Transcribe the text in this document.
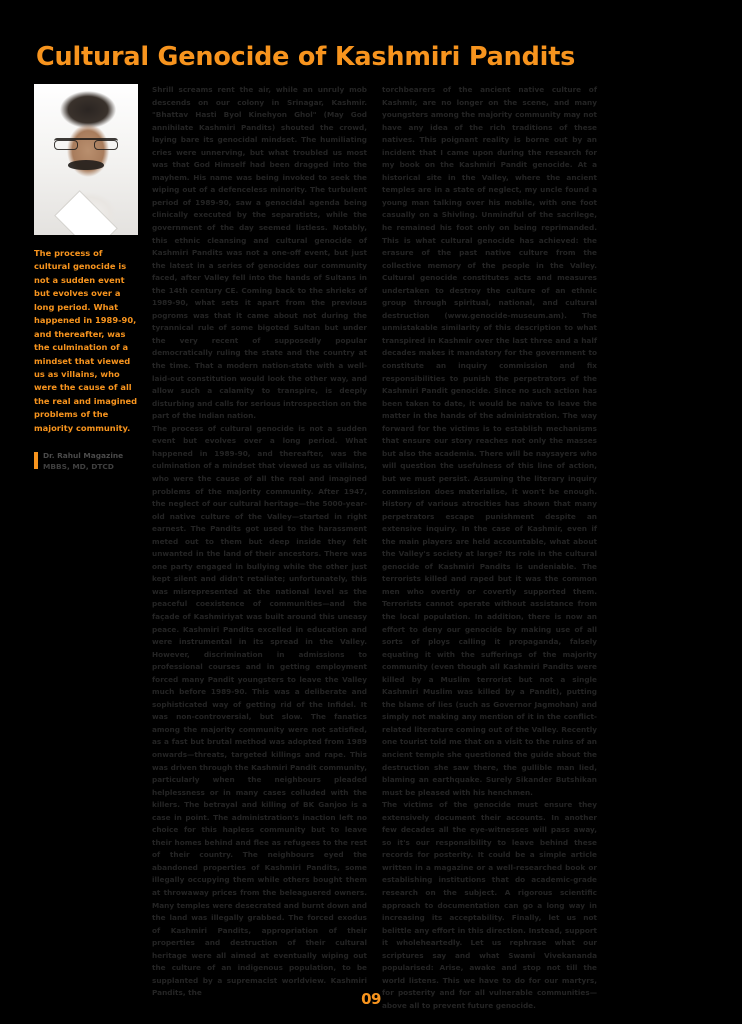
Cultural Genocide of Kashmiri Pandits
The process of cultural genocide is not a sudden event but evolves over a long period. What happened in 1989-90, and thereafter, was the culmination of a mindset that viewed us as villains, who were the cause of all the real and imagined problems of the majority community.
Dr. Rahul Magazine
MBBS, MD, DTCD

Shrill screams rent the air, while an unruly mob descends on our colony in Srinagar, Kashmir. "Bhattav Hasti Byol Kinehyon Ghol" (May God annihilate Kashmiri Pandits) shouted the crowd, laying bare its genocidal mindset. The humiliating cries were unnerving, but what troubled us most was that God Himself had been dragged into the mayhem. His name was being invoked to seek the wiping out of a defenceless minority. The turbulent period of 1989-90, saw a genocidal agenda being clinically executed by the separatists, while the government of the day seemed listless. Notably, this ethnic cleansing and cultural genocide of Kashmiri Pandits was not a one-off event, but just the latest in a series of genocides our community faced, after Valley fell into the hands of Sultans in the 14th century CE. Coming back to the shrieks of 1989-90, what sets it apart from the previous pogroms was that it came about not during the tyrannical rule of some bigoted Sultan but under the very recent of supposedly popular democratically ruling the state and the country at the time. That a modern nation-state with a well-laid-out constitution would look the other way, and allow such a calamity to transpire, is deeply disturbing and calls for serious introspection on the part of the Indian nation.

The process of cultural genocide is not a sudden event but evolves over a long period. What happened in 1989-90, and thereafter, was the culmination of a mindset that viewed us as villains, who were the cause of all the real and imagined problems of the majority community. After 1947, the neglect of our cultural heritage—the 5000-year-old native culture of the Valley—started in right earnest. The Pandits got used to the harassment meted out to them but deep inside they felt unwanted in the land of their ancestors. There was one party engaged in bullying while the other just kept silent and didn't retaliate; unfortunately, this was misrepresented at the national level as the peaceful coexistence of communities—and the façade of Kashmiriyat was built around this uneasy peace. Kashmiri Pandits excelled in education and were instrumental in its spread in the Valley. However, discrimination in admissions to professional courses and in getting employment forced many Pandit youngsters to leave the Valley much before 1989-90. This was a deliberate and sophisticated way of getting rid of the Infidel. It was non-controversial, but slow. The fanatics among the majority community were not satisfied, as a fast but brutal method was adopted from 1989 onwards—threats, targeted killings and rape. This was driven through the Kashmiri Pandit community, particularly when the neighbours pleaded helplessness or in many cases colluded with the killers. The betrayal and killing of BK Ganjoo is a case in point. The administration's inaction left no choice for this hapless community but to leave their homes behind and flee as refugees to the rest of their country. The neighbours eyed the abandoned properties of Kashmiri Pandits, some illegally occupying them while others bought them at throwaway prices from the beleaguered owners. Many temples were desecrated and burnt down and the land was illegally grabbed. The forced exodus of Kashmiri Pandits, appropriation of their properties and destruction of their cultural heritage were all aimed at eventually wiping out the culture of an indigenous population, to be supplanted by a supremacist worldview. Kashmiri Pandits, the

torchbearers of the ancient native culture of Kashmir, are no longer on the scene, and many youngsters among the majority community may not have any idea of the rich traditions of these natives. This poignant reality is borne out by an incident that I came upon during the research for my book on the Kashmiri Pandit genocide. At a historical site in the Valley, where the ancient temples are in a state of neglect, my uncle found a young man talking over his mobile, with one foot casually on a Shivling. Unmindful of the sacrilege, he remained his foot only on being reprimanded. This is what cultural genocide has achieved: the erasure of the past native culture from the collective memory of the people in the Valley. Cultural genocide constitutes acts and measures undertaken to destroy the culture of an ethnic group through spiritual, national, and cultural destruction (www.genocide-museum.am). The unmistakable similarity of this description to what transpired in Kashmir over the last three and a half decades makes it mandatory for the government to constitute an inquiry commission and fix responsibilities to punish the perpetrators of the Kashmiri Pandit genocide. Since no such action has been taken to date, it would be naïve to leave the matter in the hands of the administration. The way forward for the victims is to establish mechanisms that ensure our story reaches not only the masses but also the academia. There will be naysayers who will question the usefulness of this line of action, but we must persist. Assuming the literary inquiry commission does materialise, it won't be enough. History of various atrocities has shown that many perpetrators escape punishment despite an extensive inquiry. In the case of Kashmir, even if the main players are held accountable, what about the Valley's society at large? Its role in the cultural genocide of Kashmiri Pandits is undeniable. The terrorists killed and raped but it was the common men who overtly or covertly supported them. Terrorists cannot operate without assistance from the local population. In addition, there is now an effort to deny our genocide by making use of all sorts of ploys calling it propaganda, falsely equating it with the sufferings of the majority community (even though all Kashmiri Pandits were killed by a Muslim terrorist but not a single Kashmiri Muslim was killed by a Pandit), putting the blame of lies (such as Governor Jagmohan) and simply not making any mention of it in the conflict-related literature coming out of the Valley. Recently one tourist told me that on a visit to the ruins of an ancient temple she questioned the guide about the destruction she saw there, the gullible man lied, blaming an earthquake. Surely Sikander Butshikan must be pleased with his henchmen.

The victims of the genocide must ensure they extensively document their accounts. In another few decades all the eye-witnesses will pass away, so it's our responsibility to leave behind these records for posterity. It could be a simple article written in a magazine or a well-researched book or establishing institutions that do academic-grade research on the subject. A rigorous scientific approach to documentation can go a long way in increasing its acceptability. Finally, let us not belittle any effort in this direction. Instead, support it wholeheartedly. Let us rephrase what our scriptures say and what Swami Vivekananda popularised: Arise, awake and stop not till the world listens. This we have to do for our martyrs, for posterity and for all vulnerable communities—above all to prevent future genocide.

09
